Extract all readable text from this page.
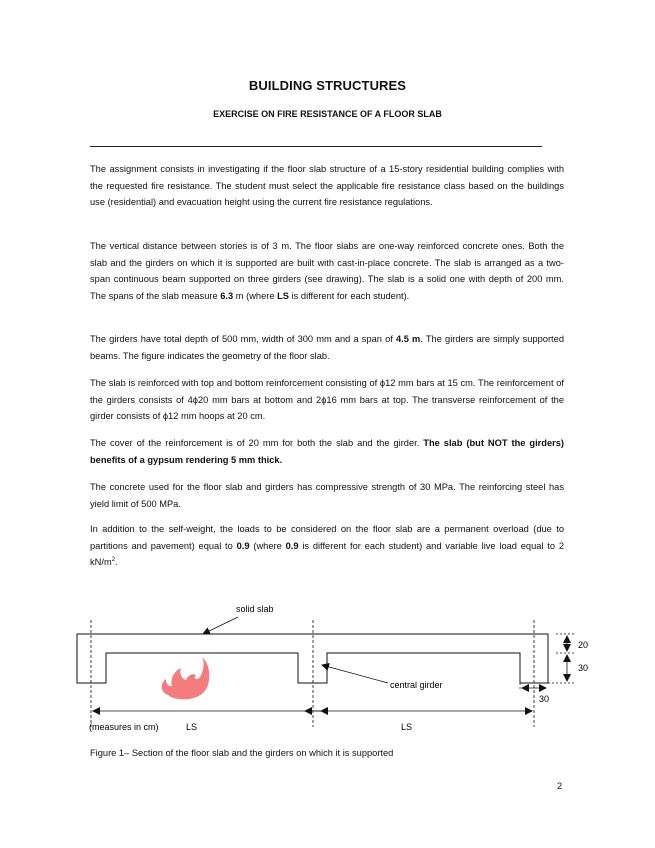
BUILDING STRUCTURES
EXERCISE ON FIRE RESISTANCE OF A FLOOR SLAB

The assignment consists in investigating if the floor slab structure of a 15-story residential building complies with the requested fire resistance. The student must select the applicable fire resistance class based on the buildings use (residential) and evacuation height using the current fire resistance regulations.

The vertical distance between stories is of 3 m. The floor slabs are one-way reinforced concrete ones. Both the slab and the girders on which it is supported are built with cast-in-place concrete. The slab is arranged as a two-span continuous beam supported on three girders (see drawing). The slab is a solid one with depth of 200 mm. The spans of the slab measure 6.3 m (where LS is different for each student).

The girders have total depth of 500 mm, width of 300 mm and a span of 4.5 m. The girders are simply supported beams. The figure indicates the geometry of the floor slab.

The slab is reinforced with top and bottom reinforcement consisting of ϕ12 mm bars at 15 cm. The reinforcement of the girders consists of 4ϕ20 mm bars at bottom and 2ϕ16 mm bars at top. The transverse reinforcement of the girder consists of ϕ12 mm hoops at 20 cm.

The cover of the reinforcement is of 20 mm for both the slab and the girder. The slab (but NOT the girders) benefits of a gypsum rendering 5 mm thick.

The concrete used for the floor slab and girders has compressive strength of 30 MPa. The reinforcing steel has yield limit of 500 MPa.

In addition to the self-weight, the loads to be considered on the floor slab are a permanent overload (due to partitions and pavement) equal to 0.9 (where 0.9 is different for each student) and variable live load equal to 2 $kN/m^2$.

solid slab
central girder
20
30
30
(measures in cm)	LS	LS
Figure 1– Section of the floor slab and the girders on which it is supported
2
